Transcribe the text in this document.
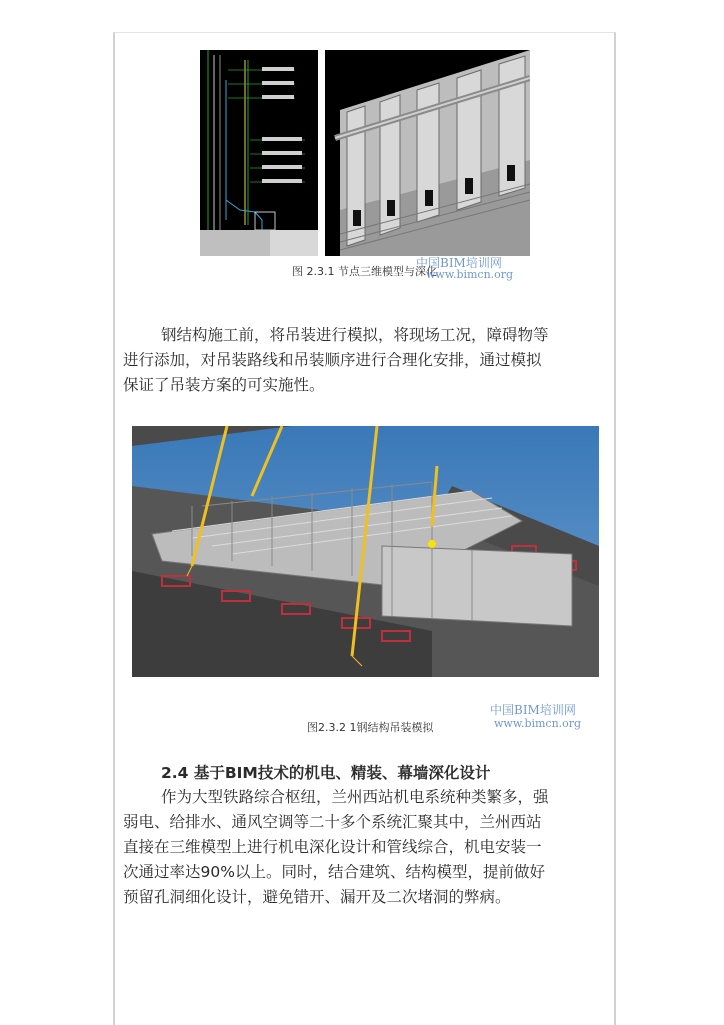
图 2.3.1 节点三维模型与深化
中国BIM培训网
www.bimcn.org
钢结构施工前，将吊装进行模拟，将现场工况，障碍物等
进行添加，对吊装路线和吊装顺序进行合理化安排，通过模拟
保证了吊装方案的可实施性。
图2.3.2 1钢结构吊装模拟
中国BIM培训网
www.bimcn.org
2.4 基于BIM技术的机电、精装、幕墙深化设计
作为大型铁路综合枢纽，兰州西站机电系统种类繁多，强
弱电、给排水、通风空调等二十多个系统汇聚其中，兰州西站
直接在三维模型上进行机电深化设计和管线综合，机电安装一
次通过率达90%以上。同时，结合建筑、结构模型，提前做好
预留孔洞细化设计，避免错开、漏开及二次堵洞的弊病。
